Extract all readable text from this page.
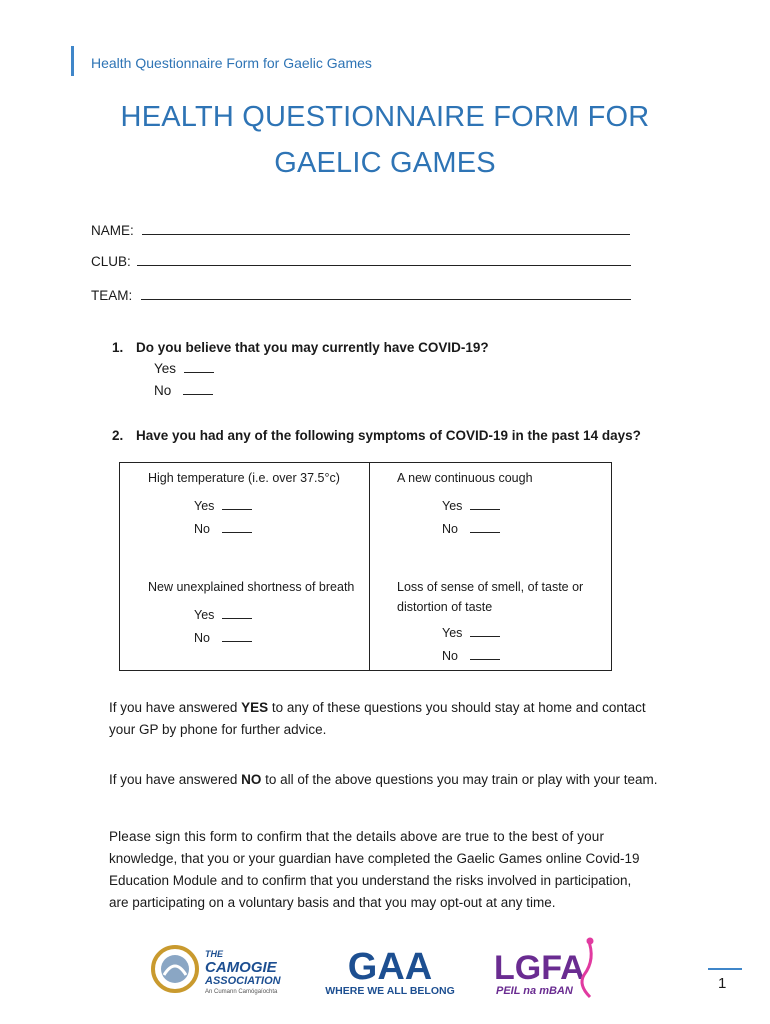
Health Questionnaire Form for Gaelic Games
HEALTH QUESTIONNAIRE FORM FOR
GAELIC GAMES
NAME:
CLUB:
TEAM:
1. Do you believe that you may currently have COVID-19?
Yes
No
2. Have you had any of the following symptoms of COVID-19 in the past 14 days?
High temperature (i.e. over 37.5°c)
Yes
No
A new continuous cough
Yes
No
New unexplained shortness of breath
Yes
No
Loss of sense of smell, of taste or
distortion of taste
Yes
No
If you have answered YES to any of these questions you should stay at home and contact
your GP by phone for further advice.
If you have answered NO to all of the above questions you may train or play with your team.
Please sign this form to confirm that the details above are true to the best of your
knowledge, that you or your guardian have completed the Gaelic Games online Covid-19
Education Module and to confirm that you understand the risks involved in participation,
are participating on a voluntary basis and that you may opt-out at any time.
THE
CAMOGIE
ASSOCIATION
An Cumann Camógaíochta
GAA
WHERE WE ALL BELONG
LGFA
PEIL na mBAN	1
